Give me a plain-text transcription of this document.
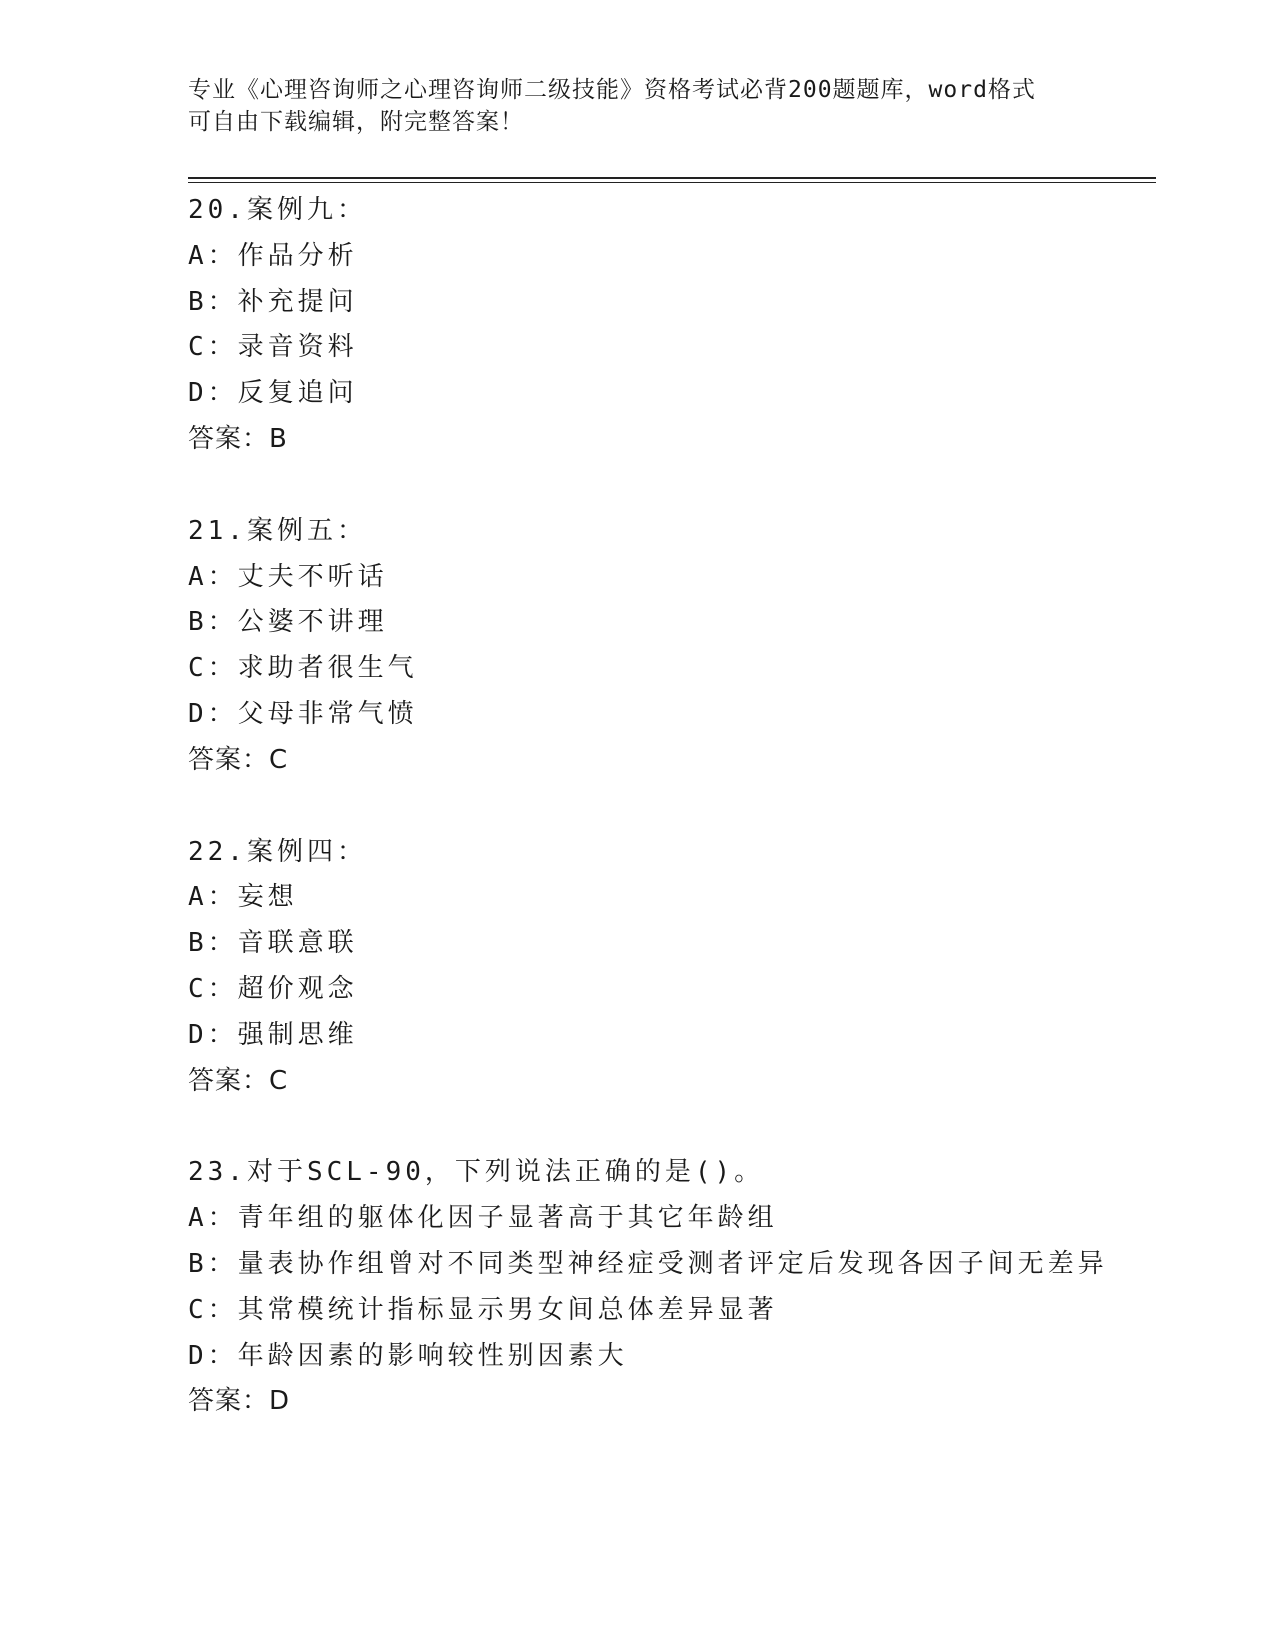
专业《心理咨询师之心理咨询师二级技能》资格考试必背200题题库，word格式
可自由下载编辑，附完整答案！
20.案例九：
A：作品分析
B：补充提问
C：录音资料
D：反复追问
答案：B
21.案例五：
A：丈夫不听话
B：公婆不讲理
C：求助者很生气
D：父母非常气愤
答案：C
22.案例四：
A：妄想
B：音联意联
C：超价观念
D：强制思维
答案：C
23.对于SCL-90，下列说法正确的是()。
A：青年组的躯体化因子显著高于其它年龄组
B：量表协作组曾对不同类型神经症受测者评定后发现各因子间无差异
C：其常模统计指标显示男女间总体差异显著
D：年龄因素的影响较性别因素大
答案：D
